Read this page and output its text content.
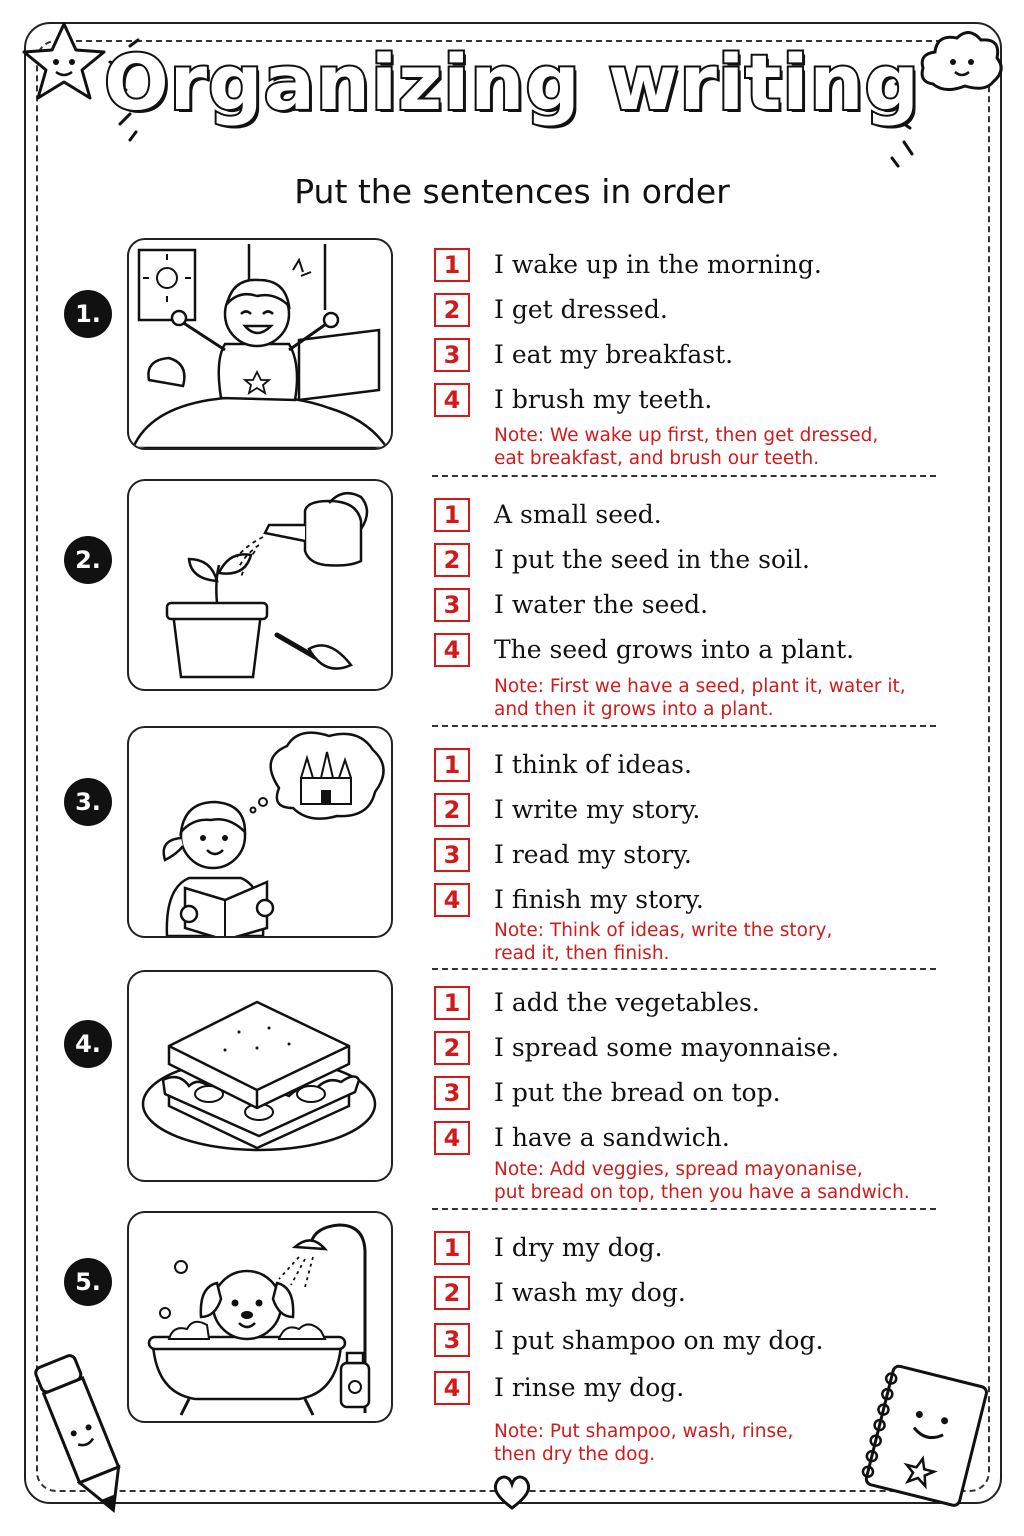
Organizing writing
Put the sentences in order
1.
1	I wake up in the morning.
2	I get dressed.
3	I eat my breakfast.
4	I brush my teeth.
Note: We wake up first, then get dressed,
eat breakfast, and brush our teeth.
2.
1	A small seed.
2	I put the seed in the soil.
3	I water the seed.
4	The seed grows into a plant.
Note: First we have a seed, plant it, water it,
and then it grows into a plant.
3.
1	I think of ideas.
2	I write my story.
3	I read my story.
4	I finish my story.
Note: Think of ideas, write the story,
read it, then finish.
4.
1	I add the vegetables.
2	I spread some mayonnaise.
3	I put the bread on top.
4	I have a sandwich.
Note: Add veggies, spread mayonanise,
put bread on top, then you have a sandwich.
5.
1	I dry my dog.
2	I wash my dog.
3	I put shampoo on my dog.
4	I rinse my dog.
Note: Put shampoo, wash, rinse,
then dry the dog.
